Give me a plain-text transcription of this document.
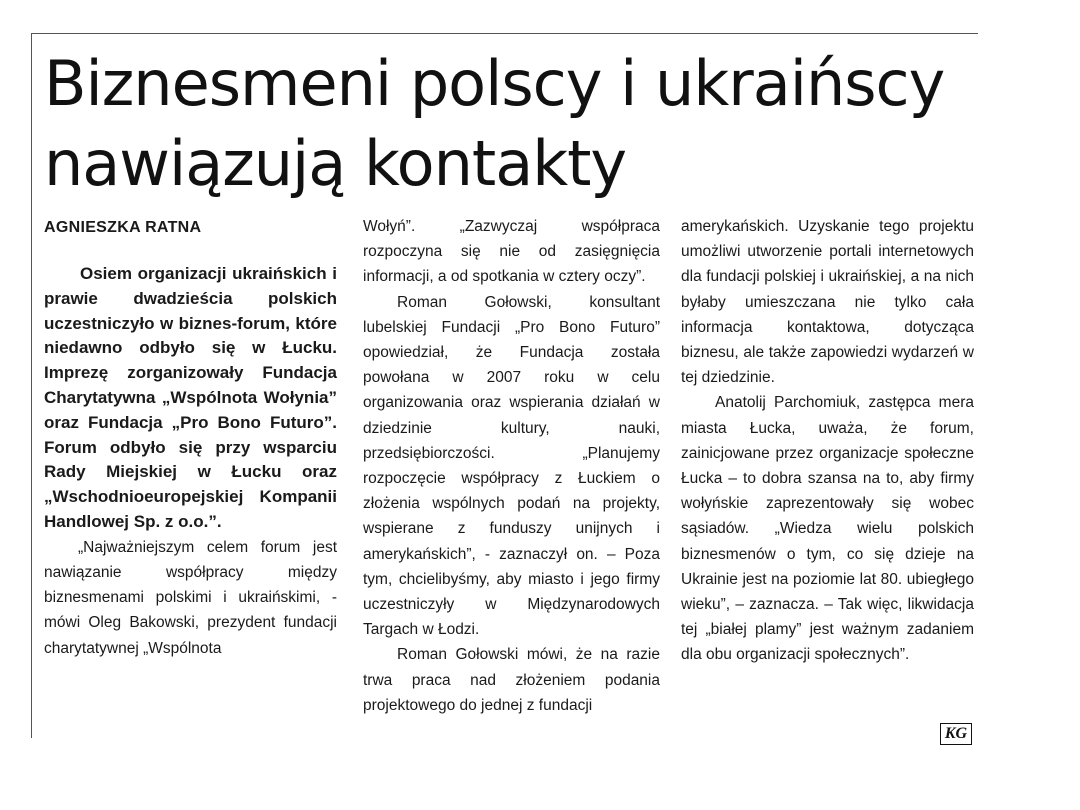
Biznesmeni polscy i ukraińscy nawiązują kontakty
AGNIESZKA RATNA

Osiem organizacji ukraińskich i prawie dwadzieścia polskich uczestniczyło w biznes-forum, które niedawno odbyło się w Łucku. Imprezę zorganizowały Fundacja Charytatywna „Wspólnota Wołynia” oraz Fundacja „Pro Bono Futuro”. Forum odbyło się przy wsparciu Rady Miejskiej w Łucku oraz „Wschodnioeuropejskiej Kompanii Handlowej Sp. z o.o.”.

„Najważniejszym celem forum jest nawiązanie współpracy między biznesmenami polskimi i ukraińskimi, - mówi Oleg Bakowski, prezydent fundacji charytatywnej „Wspólnota

Wołyń”. „Zazwyczaj współpraca rozpoczyna się nie od zasięgnięcia informacji, a od spotkania w cztery oczy”.

Roman Gołowski, konsultant lubelskiej Fundacji „Pro Bono Futuro” opowiedział, że Fundacja została powołana w 2007 roku w celu organizowania oraz wspierania działań w dziedzinie kultury, nauki, przedsiębiorczości. „Planujemy rozpoczęcie współpracy z Łuckiem o złożenia wspólnych podań na projekty, wspierane z funduszy unijnych i amerykańskich”, - zaznaczył on. – Poza tym, chcielibyśmy, aby miasto i jego firmy uczestniczyły w Międzynarodowych Targach w Łodzi.

Roman Gołowski mówi, że na razie trwa praca nad złożeniem podania projektowego do jednej z fundacji

amerykańskich. Uzyskanie tego projektu umożliwi utworzenie portali internetowych dla fundacji polskiej i ukraińskiej, a na nich byłaby umieszczana nie tylko cała informacja kontaktowa, dotycząca biznesu, ale także zapowiedzi wydarzeń w tej dziedzinie.

Anatolij Parchomiuk, zastępca mera miasta Łucka, uważa, że forum, zainicjowane przez organizacje społeczne Łucka – to dobra szansa na to, aby firmy wołyńskie zaprezentowały się wobec sąsiadów. „Wiedza wielu polskich biznesmenów o tym, co się dzieje na Ukrainie jest na poziomie lat 80. ubiegłego wieku”, – zaznacza. – Tak więc, likwidacja tej „białej plamy” jest ważnym zadaniem dla obu organizacji społecznych”.

KG
